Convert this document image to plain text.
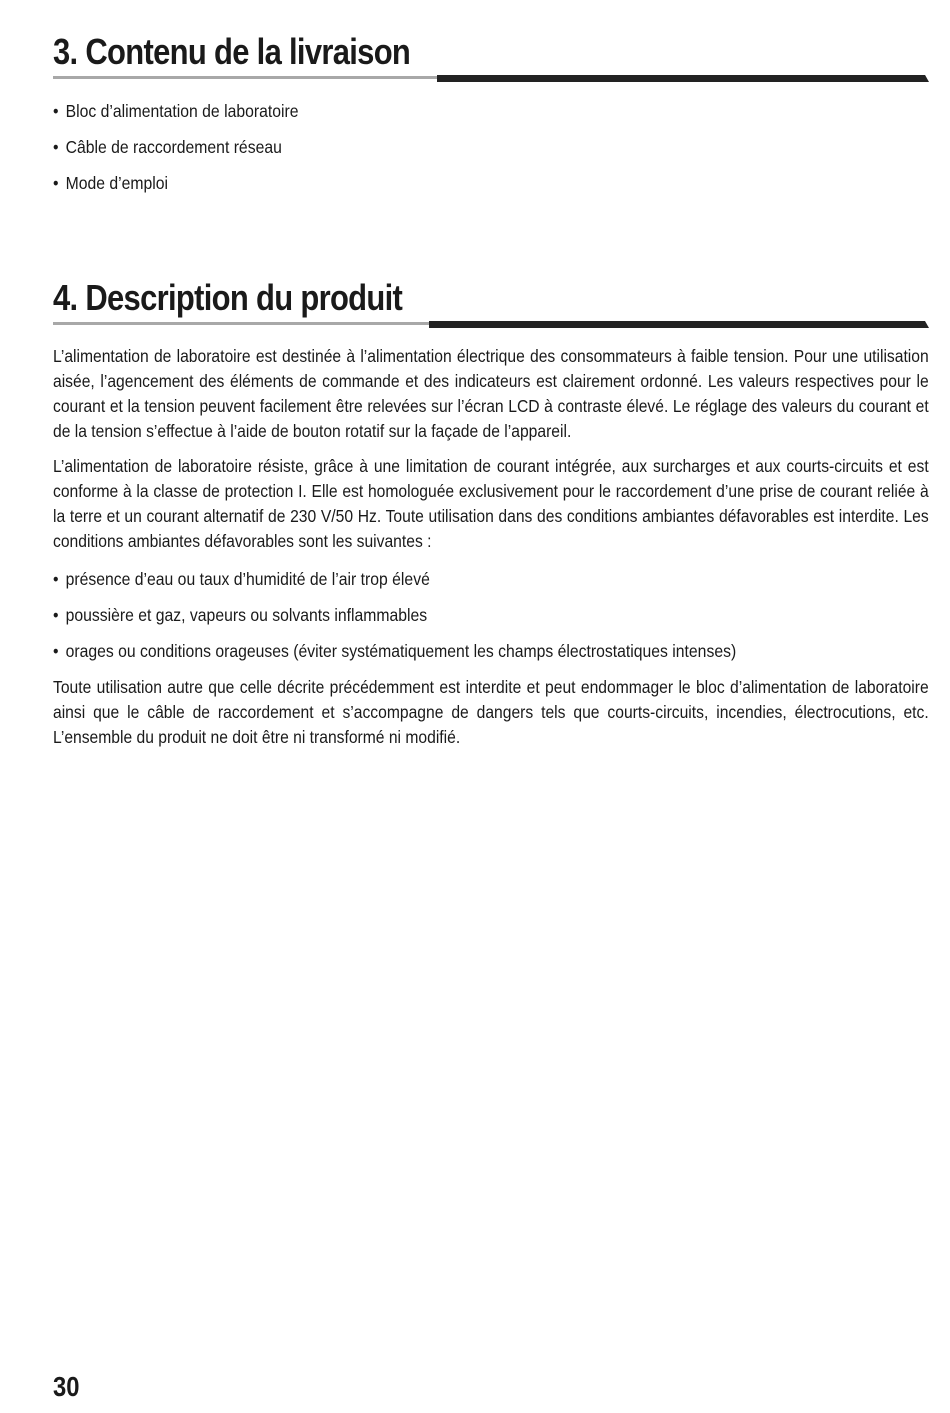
3. Contenu de la livraison
• Bloc d’alimentation de laboratoire
• Câble de raccordement réseau
• Mode d’emploi
4. Description du produit

L’alimentation de laboratoire est destinée à l’alimentation électrique des consommateurs à faible tension. Pour une utilisation aisée, l’agencement des éléments de commande et des indicateurs est clairement ordonné. Les valeurs respectives pour le courant et la tension peuvent facilement être relevées sur l’écran LCD à contraste élevé. Le réglage des valeurs du courant et de la tension s’effectue à l’aide de bouton rotatif sur la façade de l’appareil.

L’alimentation de laboratoire résiste, grâce à une limitation de courant intégrée, aux surcharges et aux courts-circuits et est conforme à la classe de protection I. Elle est homologuée exclusivement pour le raccordement d’une prise de courant reliée à la terre et un courant alternatif de 230 V/50 Hz. Toute utilisation dans des conditions ambiantes défavorables est interdite. Les conditions ambiantes défavorables sont les suivantes :

• présence d’eau ou taux d’humidité de l’air trop élevé
• poussière et gaz, vapeurs ou solvants inflammables
• orages ou conditions orageuses (éviter systématiquement les champs électrostatiques intenses)

Toute utilisation autre que celle décrite précédemment est interdite et peut endommager le bloc d’alimentation de laboratoire ainsi que le câble de raccordement et s’accompagne de dangers tels que courts-circuits, incendies, électrocutions, etc. L’ensemble du produit ne doit être ni transformé ni modifié.

30
